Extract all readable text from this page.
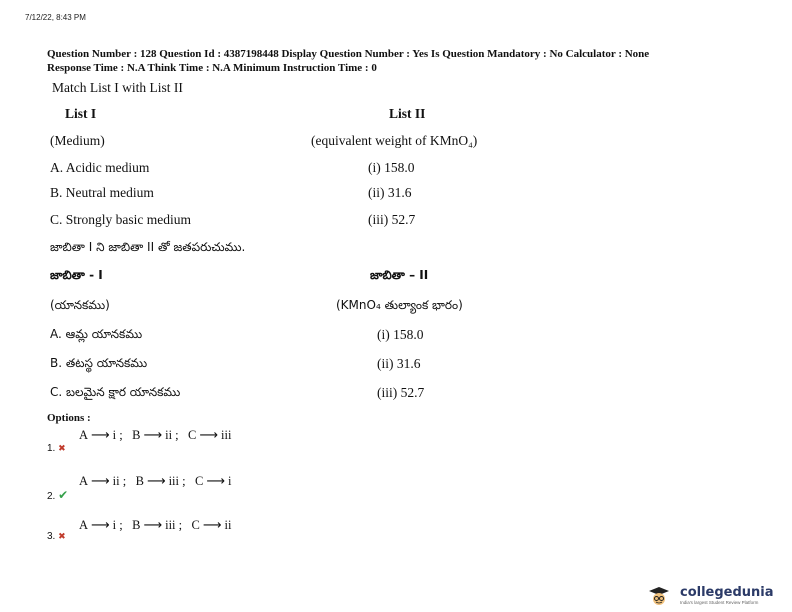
7/12/22, 8:43 PM
Question Number : 128 Question Id : 4387198448 Display Question Number : Yes Is Question Mandatory : No Calculator : None
Response Time : N.A Think Time : N.A Minimum Instruction Time : 0
Match List I with List II
List I	List II
(Medium)	(equivalent weight of KMnO₄)
A. Acidic medium	(i) 158.0
B. Neutral medium	(ii) 31.6
C. Strongly basic medium	(iii) 52.7
జాబితా I ని జాబితా II తో జతపరుచుము.
జాబితా - I	జాబితా – II
(యానకము)	(KMnO₄ తుల్యాంక భారం)
A. ఆమ్ల యానకము	(i) 158.0
B. తటస్థ యానకము	(ii) 31.6
C. బలమైన క్షార యానకము	(iii) 52.7
Options :
A ⟶ i ; B ⟶ ii ; C ⟶ iii
1. ✖
A ⟶ ii ; B ⟶ iii ; C ⟶ i
2. ✔
A ⟶ i ; B ⟶ iii ; C ⟶ ii
3. ✖
collegedunia
India's largest Student Review Platform
